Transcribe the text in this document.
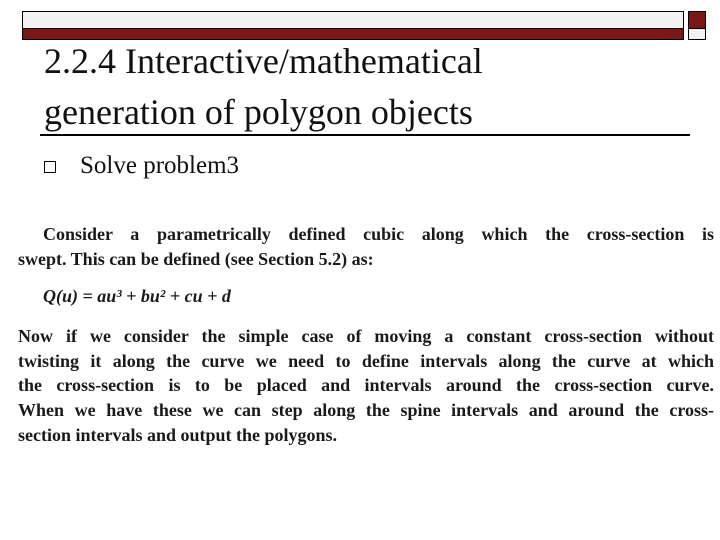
2.2.4 Interactive/mathematical
generation of polygon objects
Solve problem3
Consider a parametrically defined cubic along which the cross-section is
swept. This can be defined (see Section 5.2) as:
Q(u) = au³ + bu² + cu + d
Now if we consider the simple case of moving a constant cross-section without
twisting it along the curve we need to define intervals along the curve at which
the cross-section is to be placed and intervals around the cross-section curve.
When we have these we can step along the spine intervals and around the cross-
section intervals and output the polygons.
